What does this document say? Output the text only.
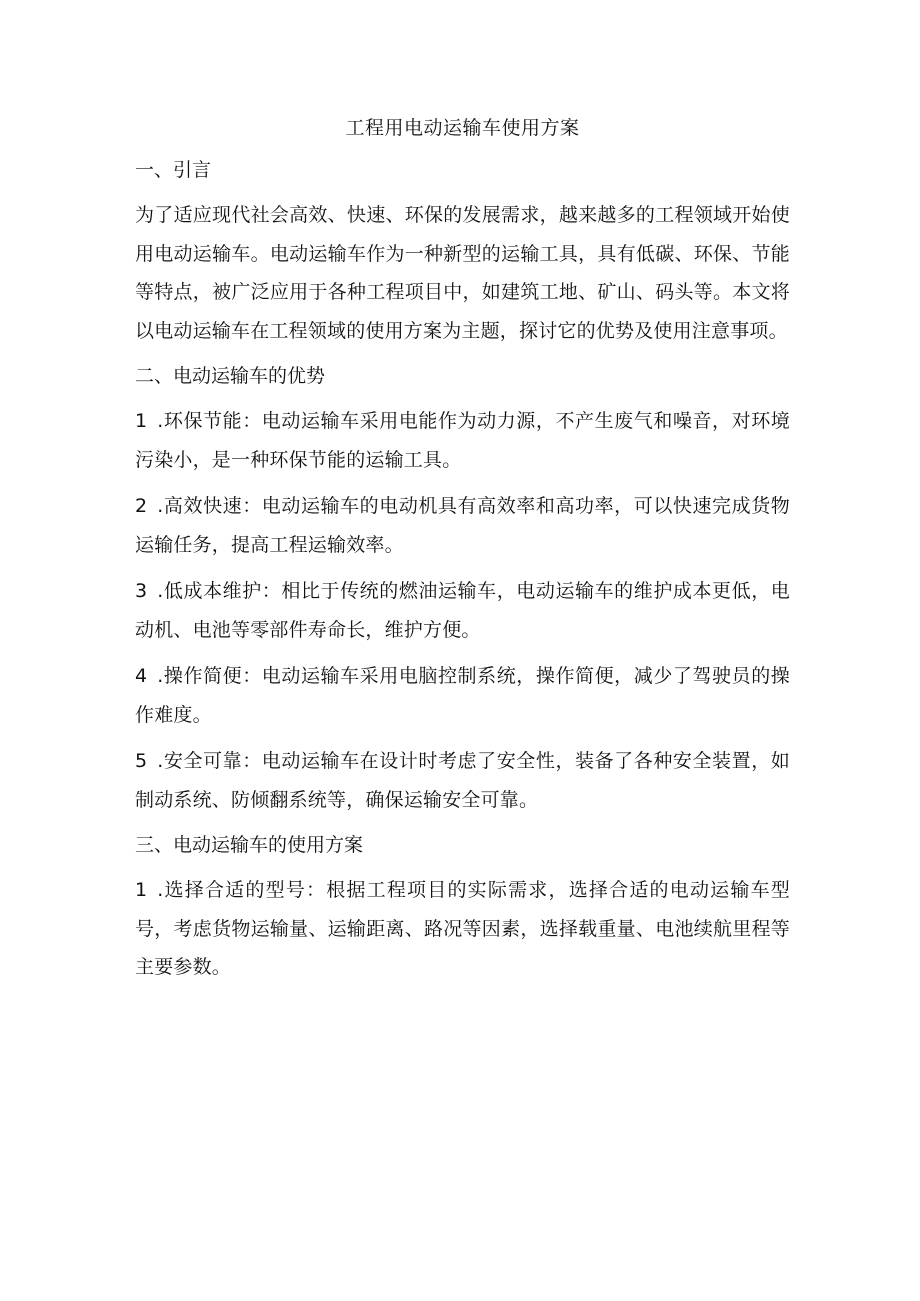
工程用电动运输车使用方案
一、引言
为了适应现代社会高效、快速、环保的发展需求，越来越多的工程领域开始使用电动运输车。电动运输车作为一种新型的运输工具，具有低碳、环保、节能等特点，被广泛应用于各种工程项目中，如建筑工地、矿山、码头等。本文将以电动运输车在工程领域的使用方案为主题，探讨它的优势及使用注意事项。
二、电动运输车的优势
1 .环保节能：电动运输车采用电能作为动力源，不产生废气和噪音，对环境污染小，是一种环保节能的运输工具。
2 .高效快速：电动运输车的电动机具有高效率和高功率，可以快速完成货物运输任务，提高工程运输效率。
3 .低成本维护：相比于传统的燃油运输车，电动运输车的维护成本更低，电动机、电池等零部件寿命长，维护方便。
4 .操作简便：电动运输车采用电脑控制系统，操作简便，减少了驾驶员的操作难度。
5 .安全可靠：电动运输车在设计时考虑了安全性，装备了各种安全装置，如制动系统、防倾翻系统等，确保运输安全可靠。
三、电动运输车的使用方案
1 .选择合适的型号：根据工程项目的实际需求，选择合适的电动运输车型号，考虑货物运输量、运输距离、路况等因素，选择载重量、电池续航里程等主要参数。
